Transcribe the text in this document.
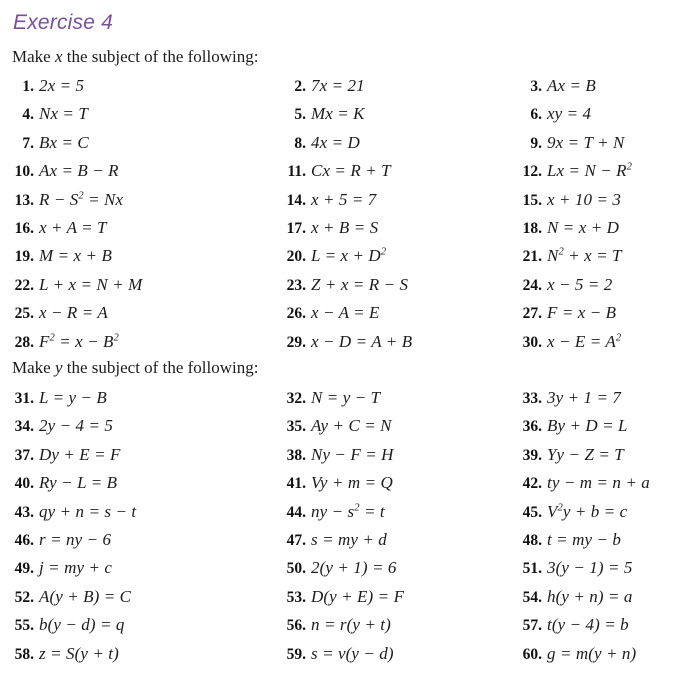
Exercise 4
Make x the subject of the following:
1. 2x = 5	2. 7x = 21	3. Ax = B
4. Nx = T	5. Mx = K	6. xy = 4
7. Bx = C	8. 4x = D	9. 9x = T + N
10. Ax = B − R	11. Cx = R + T	12. $Lx = N - R^2$
13. $R - S^2 = Nx$	14. x + 5 = 7	15. x + 10 = 3
16. x + A = T	17. x + B = S	18. N = x + D
19. M = x + B	20. $L = x + D^2$	21. $N^2 + x = T$
22. L + x = N + M	23. Z + x = R − S	24. x − 5 = 2
25. x − R = A	26. x − A = E	27. F = x − B
28. $F^2 = x - B^2$	29. x − D = A + B	30. $x - E = A^2$
Make y the subject of the following:
31. L = y − B	32. N = y − T	33. 3y + 1 = 7
34. 2y − 4 = 5	35. Ay + C = N	36. By + D = L
37. Dy + E = F	38. Ny − F = H	39. Yy − Z = T
40. Ry − L = B	41. Vy + m = Q	42. ty − m = n + a
43. qy + n = s − t	44. ny − $s^2 = t$	45. $V^2y + b = c$
46. r = ny − 6	47. s = my + d	48. t = my − b
49. j = my + c	50. 2(y + 1) = 6	51. 3(y − 1) = 5
52. A(y + B) = C	53. D(y + E) = F	54. h(y + n) = a
55. b(y − d) = q	56. n = r(y + t)	57. t(y − 4) = b
58. z = S(y + t)	59. s = v(y − d)	60. g = m(y + n)
